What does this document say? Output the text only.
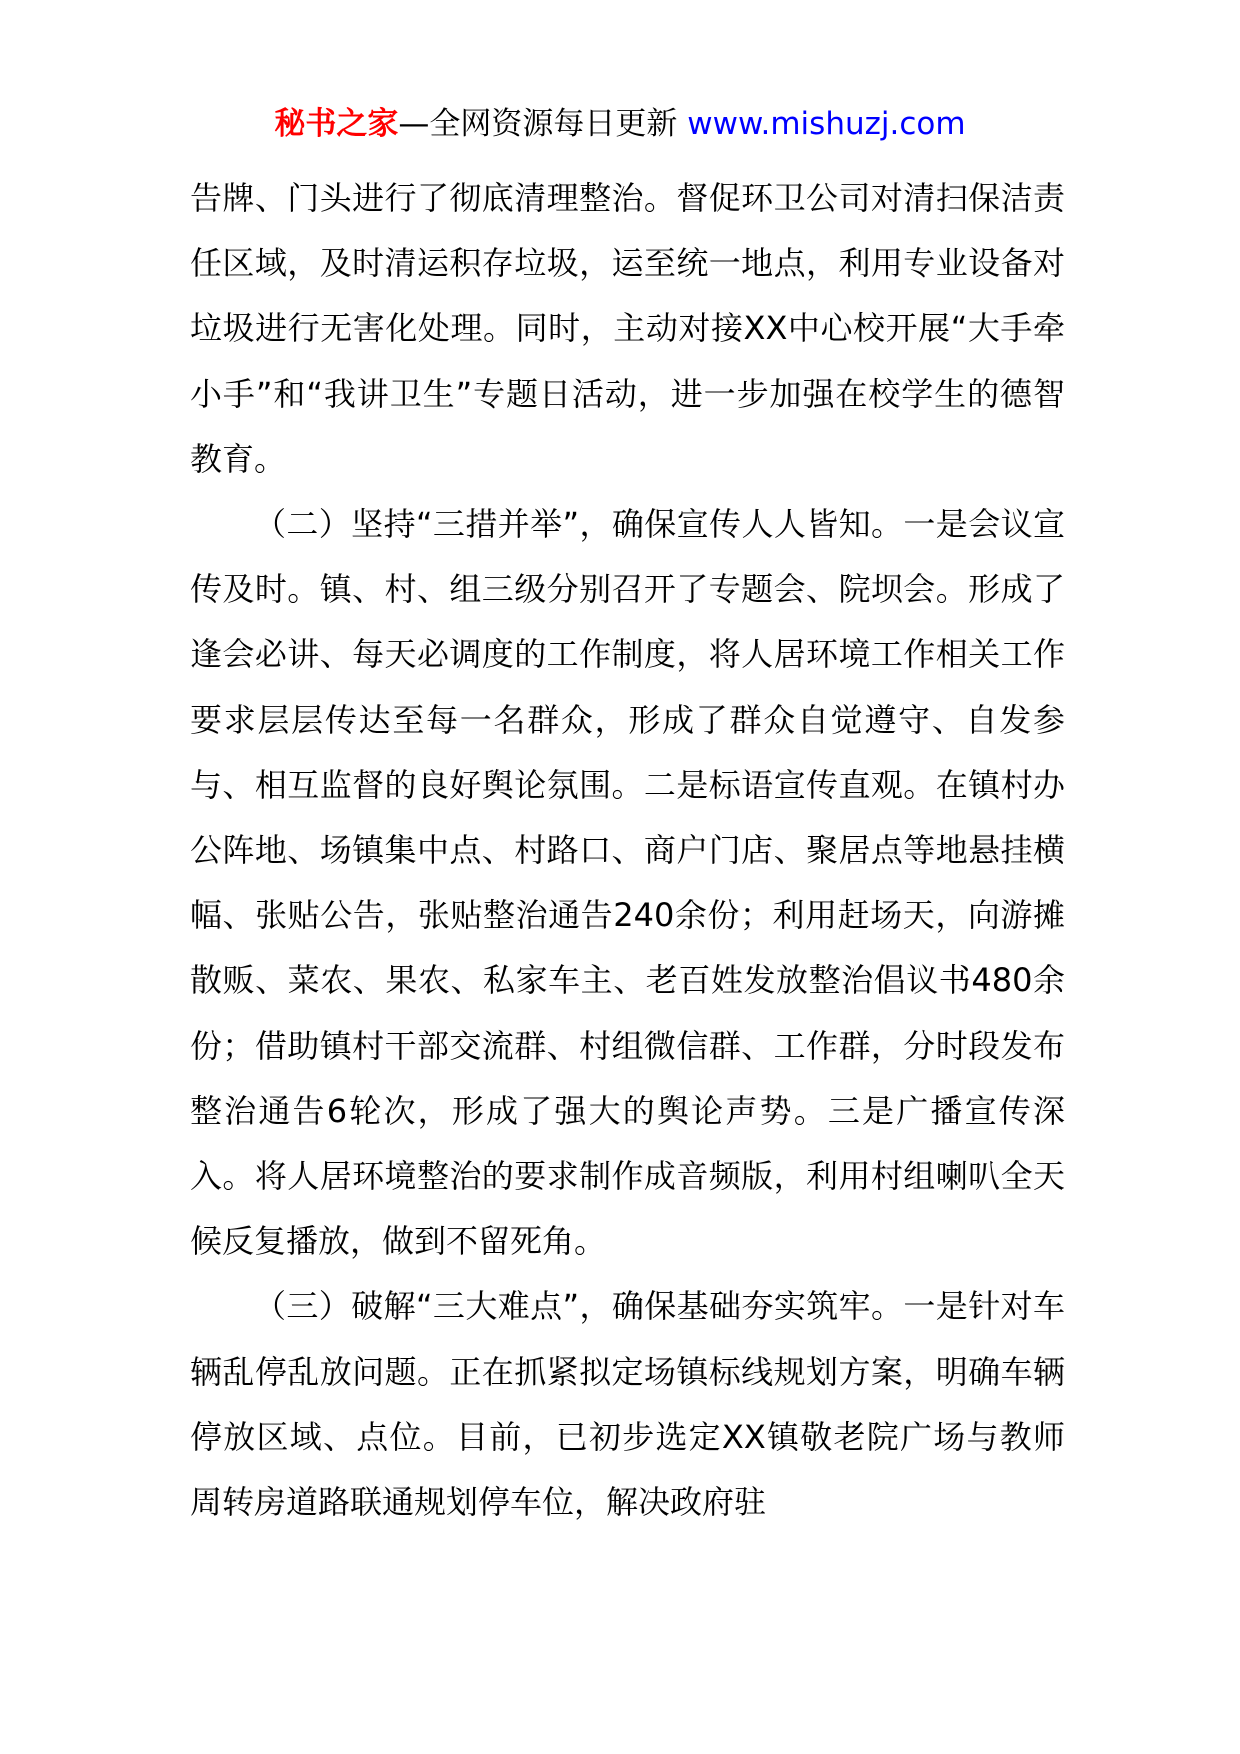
秘书之家—全网资源每日更新 www.mishuzj.com

告牌、门头进行了彻底清理整治。督促环卫公司对清扫保洁责任区域，及时清运积存垃圾，运至统一地点，利用专业设备对垃圾进行无害化处理。同时，主动对接XX中心校开展“大手牵小手”和“我讲卫生”专题日活动，进一步加强在校学生的德智教育。

（二）坚持“三措并举”，确保宣传人人皆知。一是会议宣传及时。镇、村、组三级分别召开了专题会、院坝会。形成了逢会必讲、每天必调度的工作制度，将人居环境工作相关工作要求层层传达至每一名群众，形成了群众自觉遵守、自发参与、相互监督的良好舆论氛围。二是标语宣传直观。在镇村办公阵地、场镇集中点、村路口、商户门店、聚居点等地悬挂横幅、张贴公告，张贴整治通告240余份；利用赶场天，向游摊散贩、菜农、果农、私家车主、老百姓发放整治倡议书480余份；借助镇村干部交流群、村组微信群、工作群，分时段发布整治通告6轮次，形成了强大的舆论声势。三是广播宣传深入。将人居环境整治的要求制作成音频版，利用村组喇叭全天候反复播放，做到不留死角。

（三）破解“三大难点”，确保基础夯实筑牢。一是针对车辆乱停乱放问题。正在抓紧拟定场镇标线规划方案，明确车辆停放区域、点位。目前，已初步选定XX镇敬老院广场与教师周转房道路联通规划停车位，解决政府驻
